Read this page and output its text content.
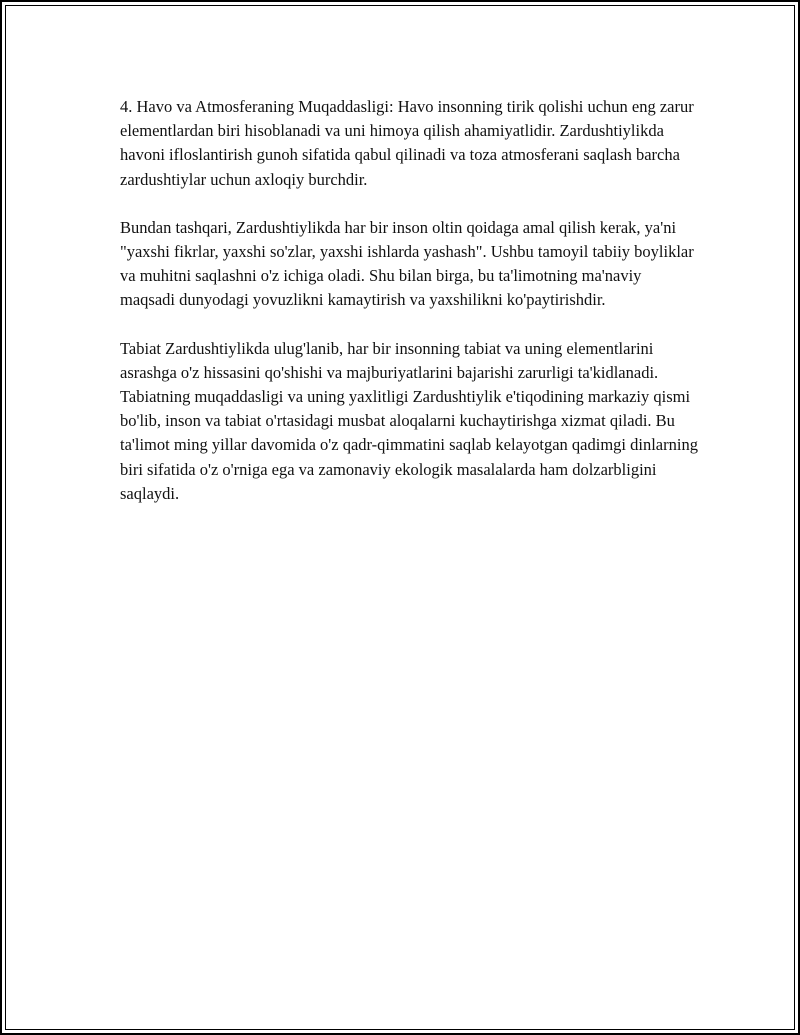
4. Havo va Atmosferaning Muqaddasligi: Havo insonning tirik qolishi uchun eng zarur elementlardan biri hisoblanadi va uni himoya qilish ahamiyatlidir. Zardushtiylikda havoni ifloslantirish gunoh sifatida qabul qilinadi va toza atmosferani saqlash barcha zardushtiylar uchun axloqiy burchdir.

Bundan tashqari, Zardushtiylikda har bir inson oltin qoidaga amal qilish kerak, ya'ni "yaxshi fikrlar, yaxshi so'zlar, yaxshi ishlarda yashash". Ushbu tamoyil tabiiy boyliklar va muhitni saqlashni o'z ichiga oladi. Shu bilan birga, bu ta'limotning ma'naviy maqsadi dunyodagi yovuzlikni kamaytirish va yaxshilikni ko'paytirishdir.

Tabiat Zardushtiylikda ulug'lanib, har bir insonning tabiat va uning elementlarini asrashga o'z hissasini qo'shishi va majburiyatlarini bajarishi zarurligi ta'kidlanadi. Tabiatning muqaddasligi va uning yaxlitligi Zardushtiylik e'tiqodining markaziy qismi bo'lib, inson va tabiat o'rtasidagi musbat aloqalarni kuchaytirishga xizmat qiladi. Bu ta'limot ming yillar davomida o'z qadr-qimmatini saqlab kelayotgan qadimgi dinlarning biri sifatida o'z o'rniga ega va zamonaviy ekologik masalalarda ham dolzarbligini saqlaydi.
